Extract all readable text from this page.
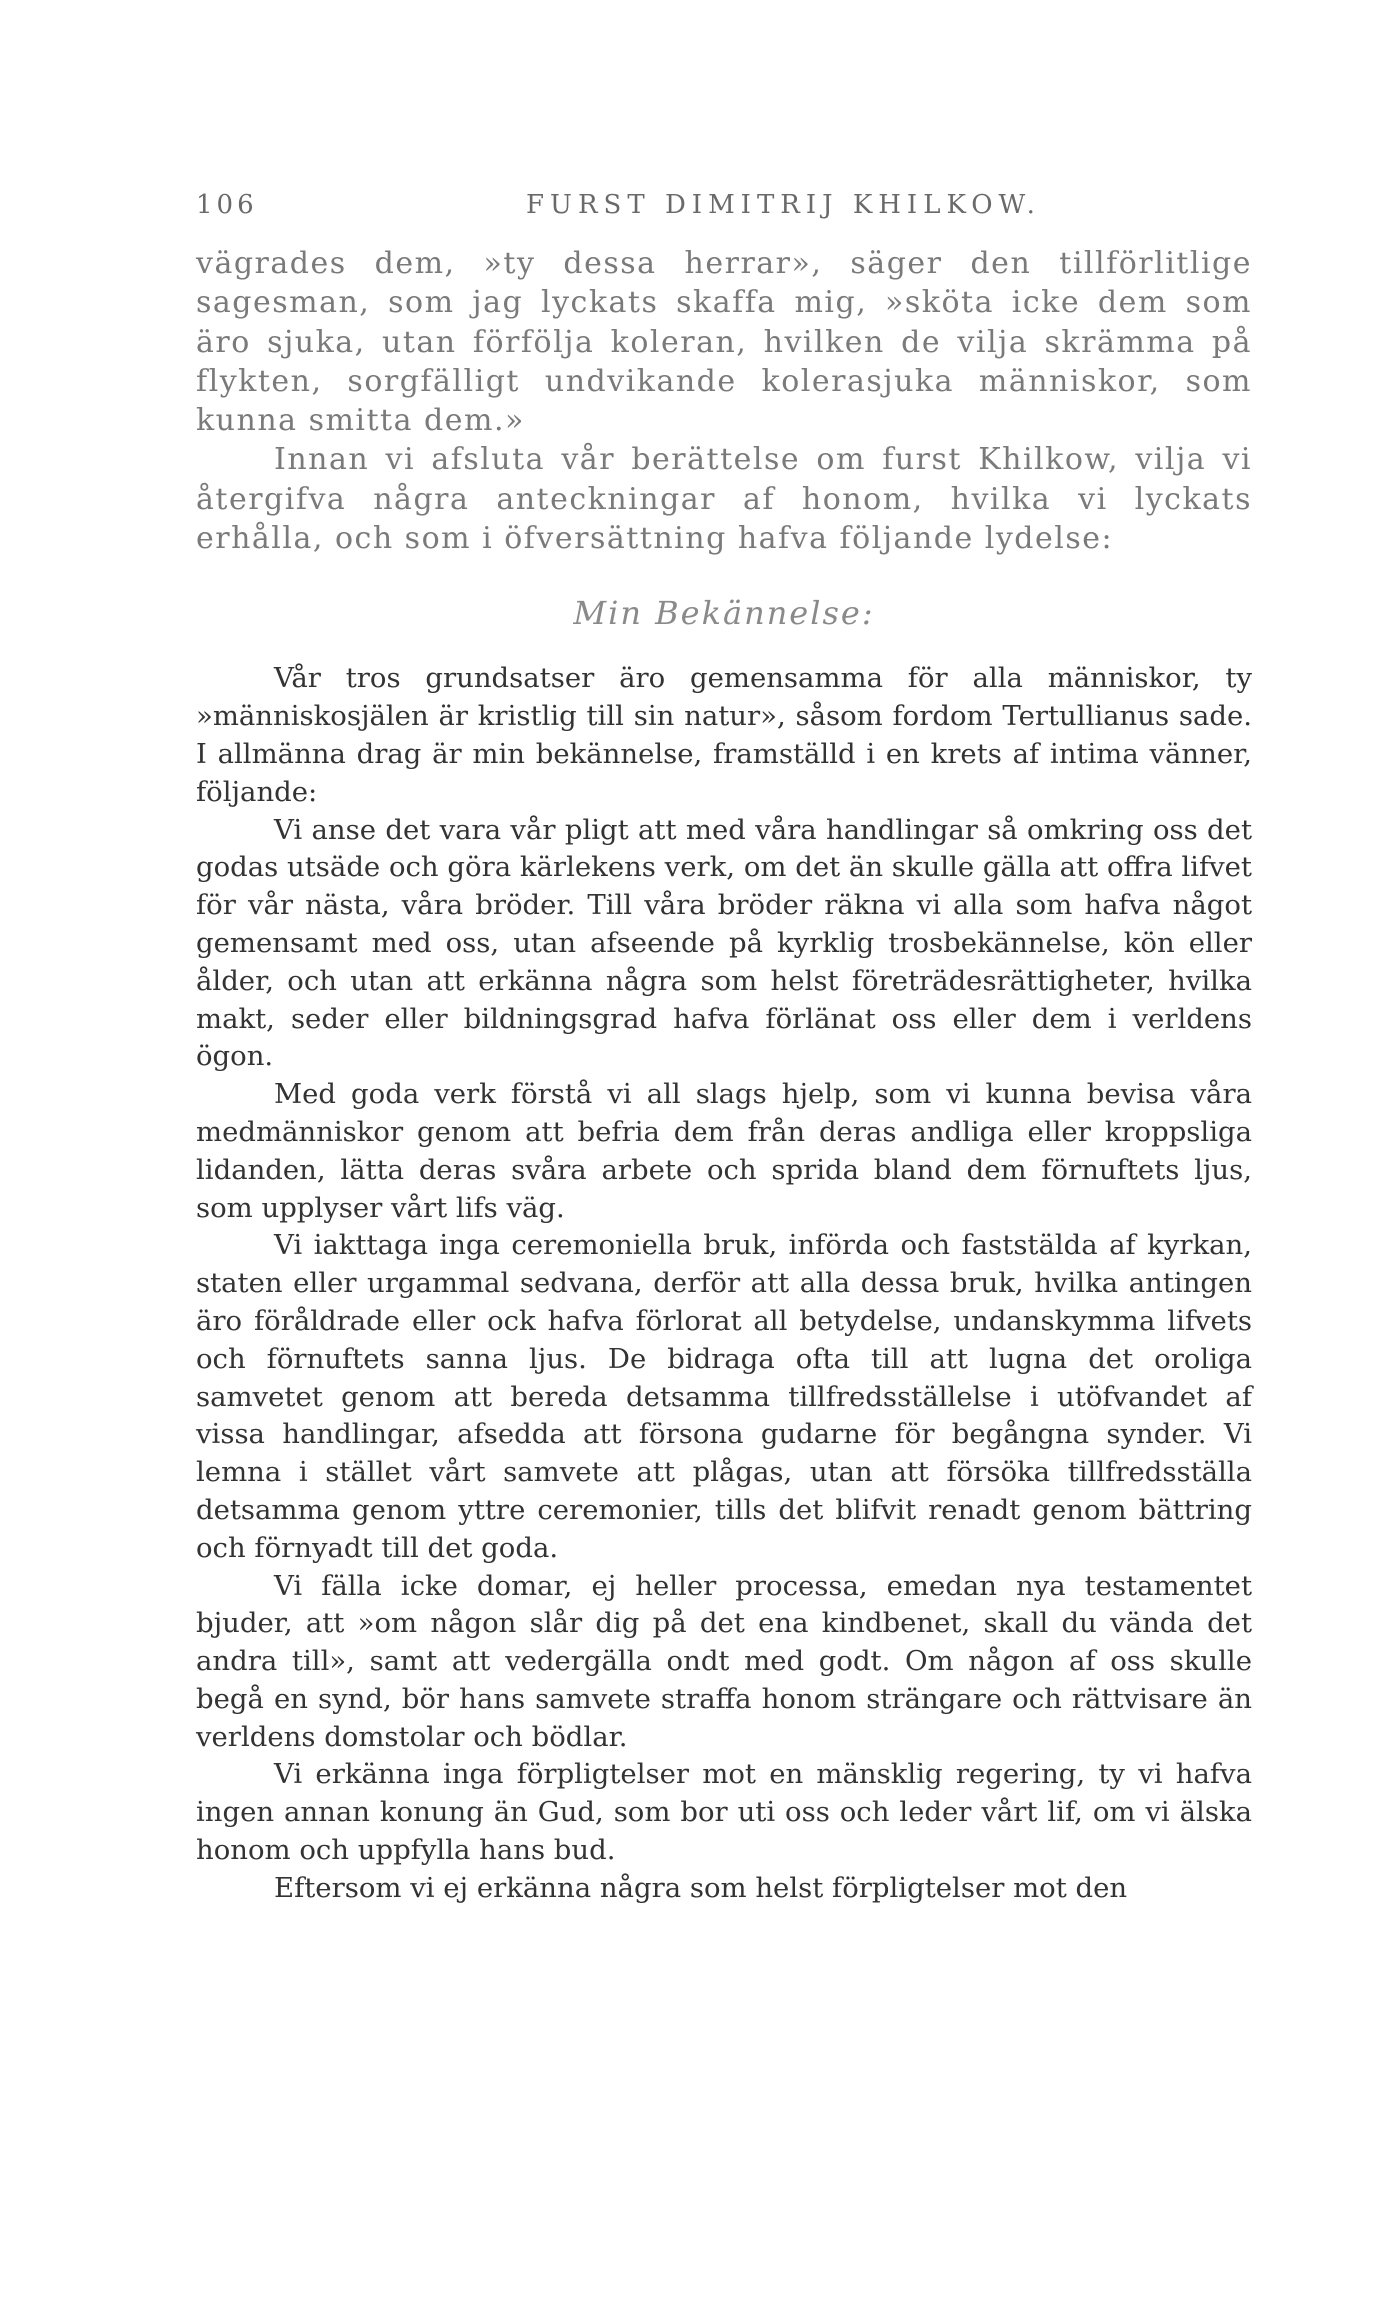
106	FURST DIMITRIJ KHILKOW.

vägrades dem, »ty dessa herrar», säger den tillförlitlige sagesman, som jag lyckats skaffa mig, »sköta icke dem som äro sjuka, utan förfölja koleran, hvilken de vilja skrämma på flykten, sorgfälligt undvikande kolerasjuka människor, som kunna smitta dem.»

Innan vi afsluta vår berättelse om furst Khilkow, vilja vi återgifva några anteckningar af honom, hvilka vi lyckats erhålla, och som i öfversättning hafva följande lydelse:

Min Bekännelse:

Vår tros grundsatser äro gemensamma för alla människor, ty »människosjälen är kristlig till sin natur», såsom fordom Tertullianus sade. I allmänna drag är min bekännelse, framställd i en krets af intima vänner, följande:

Vi anse det vara vår pligt att med våra handlingar så omkring oss det godas utsäde och göra kärlekens verk, om det än skulle gälla att offra lifvet för vår nästa, våra bröder. Till våra bröder räkna vi alla som hafva något gemensamt med oss, utan afseende på kyrklig trosbekännelse, kön eller ålder, och utan att erkänna några som helst företrädesrättigheter, hvilka makt, seder eller bildningsgrad hafva förlänat oss eller dem i verldens ögon.

Med goda verk förstå vi all slags hjelp, som vi kunna bevisa våra medmänniskor genom att befria dem från deras andliga eller kroppsliga lidanden, lätta deras svåra arbete och sprida bland dem förnuftets ljus, som upplyser vårt lifs väg.

Vi iakttaga inga ceremoniella bruk, införda och faststälda af kyrkan, staten eller urgammal sedvana, derför att alla dessa bruk, hvilka antingen äro föråldrade eller ock hafva förlorat all betydelse, undanskymma lifvets och förnuftets sanna ljus. De bidraga ofta till att lugna det oroliga samvetet genom att bereda detsamma tillfredsställelse i utöfvandet af vissa handlingar, afsedda att försona gudarne för begångna synder. Vi lemna i stället vårt samvete att plågas, utan att försöka tillfredsställa detsamma genom yttre ceremonier, tills det blifvit renadt genom bättring och förnyadt till det goda.

Vi fälla icke domar, ej heller processa, emedan nya testamentet bjuder, att »om någon slår dig på det ena kindbenet, skall du vända det andra till», samt att vedergälla ondt med godt. Om någon af oss skulle begå en synd, bör hans samvete straffa honom strängare och rättvisare än verldens domstolar och bödlar.

Vi erkänna inga förpligtelser mot en mänsklig regering, ty vi hafva ingen annan konung än Gud, som bor uti oss och leder vårt lif, om vi älska honom och uppfylla hans bud.

Eftersom vi ej erkänna några som helst förpligtelser mot den
